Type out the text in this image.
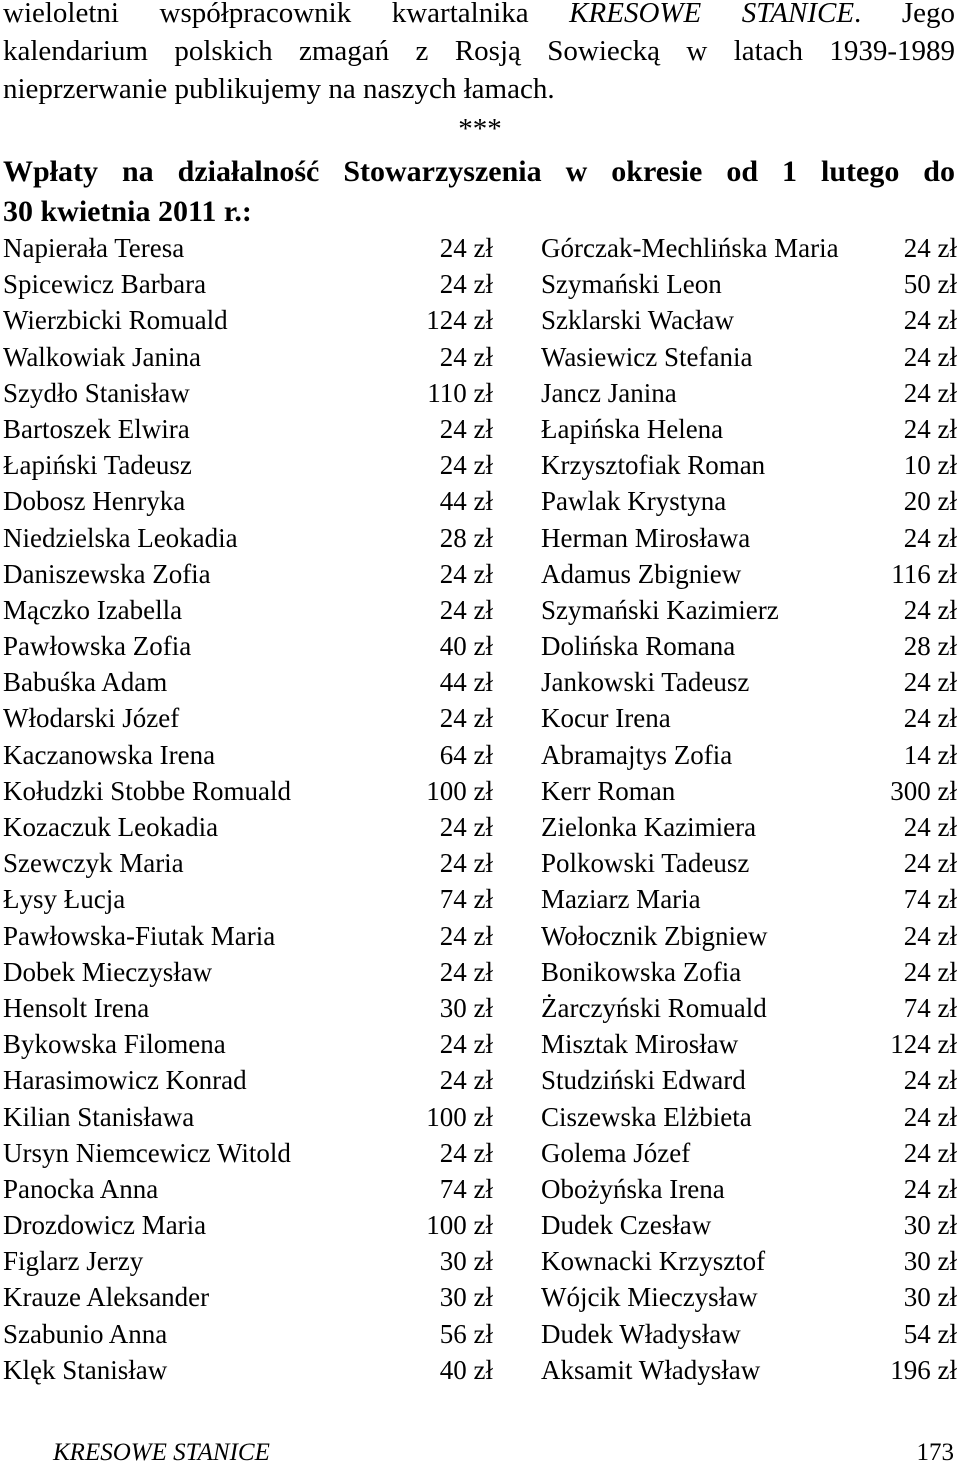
wieloletni współpracownik kwartalnika KRESOWE STANICE. Jego
kalendarium polskich zmagań z Rosją Sowiecką w latach 1939-1989
nieprzerwanie publikujemy na naszych łamach.
***
Wpłaty na działalność Stowarzyszenia w okresie od 1 lutego do
30 kwietnia 2011 r.:
Napierała Teresa	24 zł Górczak-Mechlińska Maria 24 zł
Spicewicz Barbara	24 zł Szymański Leon	50 zł
Wierzbicki Romuald	124 zł Szklarski Wacław	24 zł
Walkowiak Janina	24 zł Wasiewicz Stefania	24 zł
Szydło Stanisław	110 zł Jancz Janina	24 zł
Bartoszek Elwira	24 zł Łapińska Helena	24 zł
Łapiński Tadeusz	24 zł Krzysztofiak Roman	10 zł
Dobosz Henryka	44 zł Pawlak Krystyna	20 zł
Niedzielska Leokadia	28 zł Herman Mirosława	24 zł
Daniszewska Zofia	24 zł Adamus Zbigniew	116 zł
Mączko Izabella	24 zł Szymański Kazimierz	24 zł
Pawłowska Zofia	40 zł Dolińska Romana	28 zł
Babuśka Adam	44 zł Jankowski Tadeusz	24 zł
Włodarski Józef	24 zł Kocur Irena	24 zł
Kaczanowska Irena	64 zł Abramajtys Zofia	14 zł
Kołudzki Stobbe Romuald	100 zł Kerr Roman	300 zł
Kozaczuk Leokadia	24 zł Zielonka Kazimiera	24 zł
Szewczyk Maria	24 zł Polkowski Tadeusz	24 zł
Łysy Łucja	74 zł Maziarz Maria	74 zł
Pawłowska-Fiutak Maria	24 zł Wołocznik Zbigniew	24 zł
Dobek Mieczysław	24 zł Bonikowska Zofia	24 zł
Hensolt Irena	30 zł Żarczyński Romuald	74 zł
Bykowska Filomena	24 zł Misztak Mirosław	124 zł
Harasimowicz Konrad	24 zł Studziński Edward	24 zł
Kilian Stanisława	100 zł Ciszewska Elżbieta	24 zł
Ursyn Niemcewicz Witold	24 zł Golema Józef	24 zł
Panocka Anna	74 zł Obożyńska Irena	24 zł
Drozdowicz Maria	100 zł Dudek Czesław	30 zł
Figlarz Jerzy	30 zł Kownacki Krzysztof	30 zł
Krauze Aleksander	30 zł Wójcik Mieczysław	30 zł
Szabunio Anna	56 zł Dudek Władysław	54 zł
Klęk Stanisław	40 zł Aksamit Władysław	196 zł
KRESOWE STANICE	173
